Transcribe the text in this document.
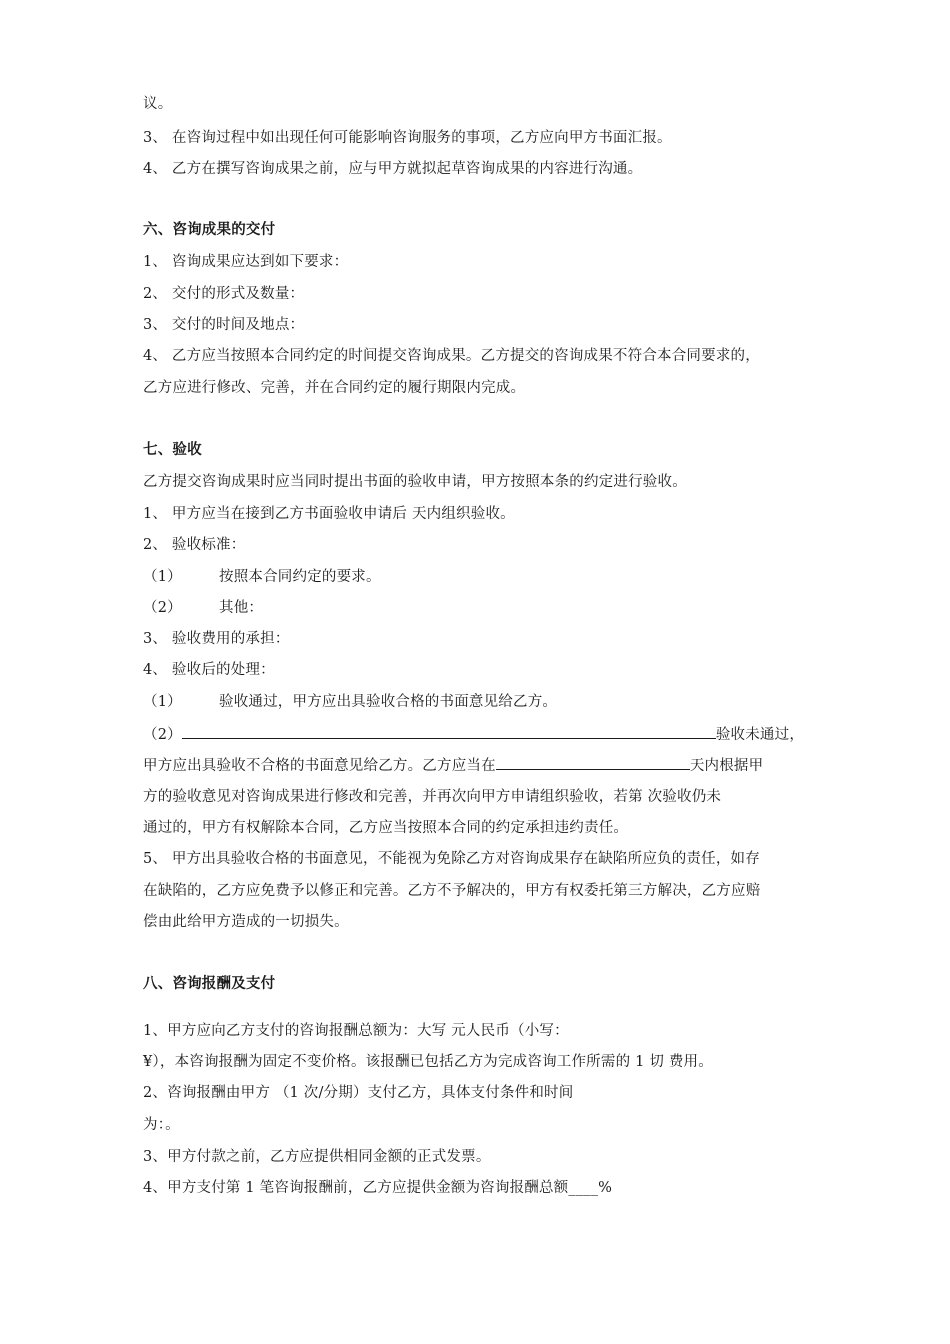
议。
3、 在咨询过程中如出现任何可能影响咨询服务的事项，乙方应向甲方书面汇报。
4、 乙方在撰写咨询成果之前，应与甲方就拟起草咨询成果的内容进行沟通。
六、咨询成果的交付
1、 咨询成果应达到如下要求：
2、 交付的形式及数量：
3、 交付的时间及地点：
4、 乙方应当按照本合同约定的时间提交咨询成果。乙方提交的咨询成果不符合本合同要求的，
乙方应进行修改、完善，并在合同约定的履行期限内完成。
七、验收
乙方提交咨询成果时应当同时提出书面的验收申请，甲方按照本条的约定进行验收。
1、 甲方应当在接到乙方书面验收申请后 天内组织验收。
2、 验收标准：
（1）	按照本合同约定的要求。
（2）	其他：
3、 验收费用的承担：
4、 验收后的处理：
（1）	验收通过，甲方应出具验收合格的书面意见给乙方。
（2）	验收未通过，
甲方应出具验收不合格的书面意见给乙方。乙方应当在	天内根据甲
方的验收意见对咨询成果进行修改和完善，并再次向甲方申请组织验收，若第 次验收仍未
通过的，甲方有权解除本合同，乙方应当按照本合同的约定承担违约责任。
5、 甲方出具验收合格的书面意见，不能视为免除乙方对咨询成果存在缺陷所应负的责任，如存
在缺陷的，乙方应免费予以修正和完善。乙方不予解决的，甲方有权委托第三方解决，乙方应赔
偿由此给甲方造成的一切损失。
八、咨询报酬及支付
1、甲方应向乙方支付的咨询报酬总额为：大写 元人民币（小写：
¥），本咨询报酬为固定不变价格。该报酬已包括乙方为完成咨询工作所需的 1 切 费用。
2、咨询报酬由甲方 （1 次/分期）支付乙方，具体支付条件和时间
为：。
3、甲方付款之前，乙方应提供相同金额的正式发票。
4、甲方支付第 1 笔咨询报酬前，乙方应提供金额为咨询报酬总额____%
